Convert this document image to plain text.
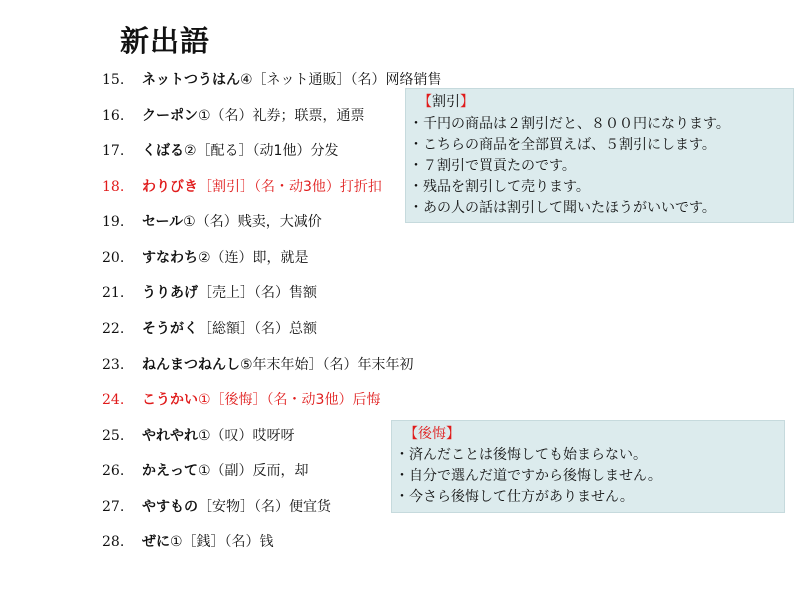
新出語
15. ネットつうはん④［ネット通販］（名）网络销售
16. クーポン①（名）礼券；联票，通票
17. くばる②［配る］（动1他）分发
18. わりびき［割引］（名・动3他）打折扣
19. セール①（名）贱卖，大减价
20. すなわち②（连）即，就是
21. うりあげ［売上］（名）售额
22. そうがく［総額］（名）总额
23. ねんまつねんし⑤年末年始］（名）年末年初
24. こうかい①［後悔］（名・动3他）后悔
25. やれやれ①（叹）哎呀呀
26. かえって①（副）反而，却
27. やすもの［安物］（名）便宜货
28. ぜに①［銭］（名）钱
【割引】
・千円の商品は２割引だと、８００円になります。
・こちらの商品を全部買えば、５割引にします。
・７割引で買貢たのです。
・残品を割引して売ります。
・あの人の話は割引して聞いたほうがいいです。
【後悔】
・済んだことは後悔しても始まらない。
・自分で選んだ道ですから後悔しません。
・今さら後悔して仕方がありません。
